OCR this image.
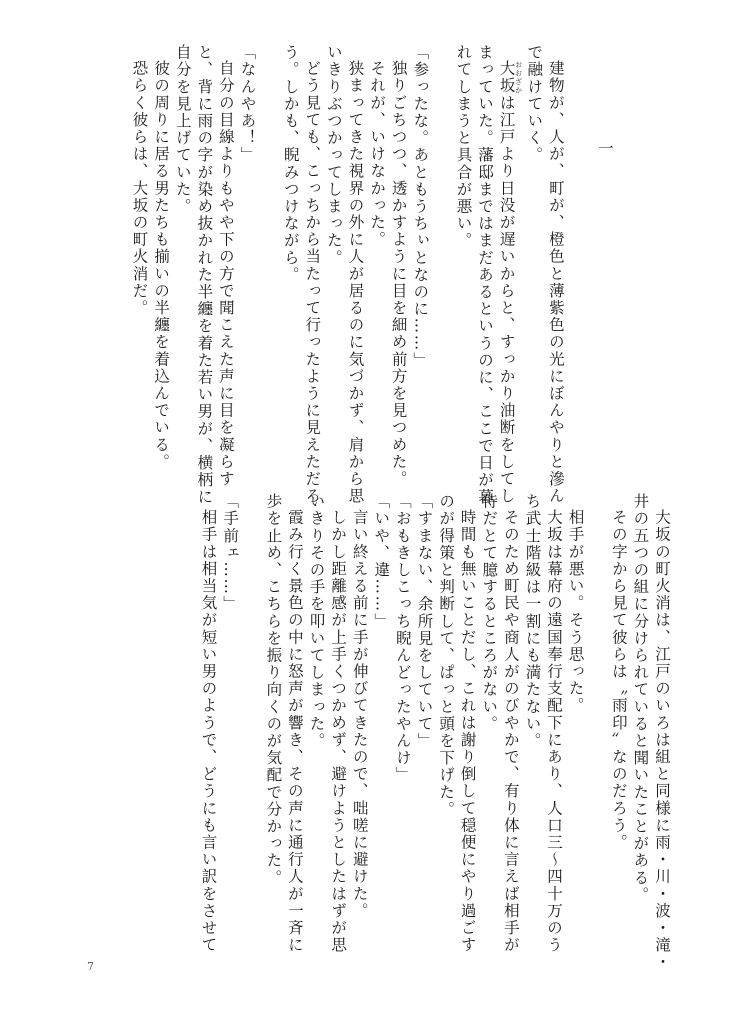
一
建物が、人が、町が、橙色と薄紫色の光にぼんやりと滲ん
で融けていく。
大坂 おおざかは江戸より日没が遅いからと、すっかり油断をしてし
まっていた。藩邸まではまだあるというのに、ここで日が暮
れてしまうと具合が悪い。
「参ったな。あともうちぃとなのに……」
独りごちつつ、透かすように目を細め前方を見つめた。
それが、いけなかった。
狭まってきた視界の外に人が居るのに気づかず、肩から思
いきりぶつかってしまった。
どう見ても、こっちから当たって行ったように見えただろ
う。しかも、睨みつけながら。
「なんやあ！」
自分の目線よりもやや下の方で聞こえた声に目を凝らす
と、背に雨の字が染め抜かれた半纏を着た若い男が、横柄に
自分を見上げていた。
彼の周りに居る男たちも揃いの半纏を着込んでいる。
恐らく彼らは、大坂の町火消だ。
大坂の町火消は、江戸のいろは組と同様に雨・川・波・滝・
井の五つの組に分けられていると聞いたことがある。
その字から見て彼らは〝雨印〟なのだろう。
相手が悪い。そう思った。
大坂は幕府の遠国奉行支配下にあり、人口三〜四十万のう
ち武士階級は一割にも満たない。
そのため町民や商人がのびやかで、有り体に言えば相手が
侍だとて臆するところがない。
時間も無いことだし、これは謝り倒して穏便にやり過ごす
のが得策と判断して、ぱっと頭を下げた。
「すまない、余所見をしていて」
「おもきしこっち睨んどったやんけ」
「いや、違……」
言い終える前に手が伸びてきたので、咄嗟に避けた。
しかし距離感が上手くつかめず、避けようとしたはずが思
いきりその手を叩いてしまった。
霞み行く景色の中に怒声が響き、その声に通行人が一斉に
歩を止め、こちらを振り向くのが気配で分かった。
「手前ェ……」
相手は相当気が短い男のようで、どうにも言い訳をさせて
7
